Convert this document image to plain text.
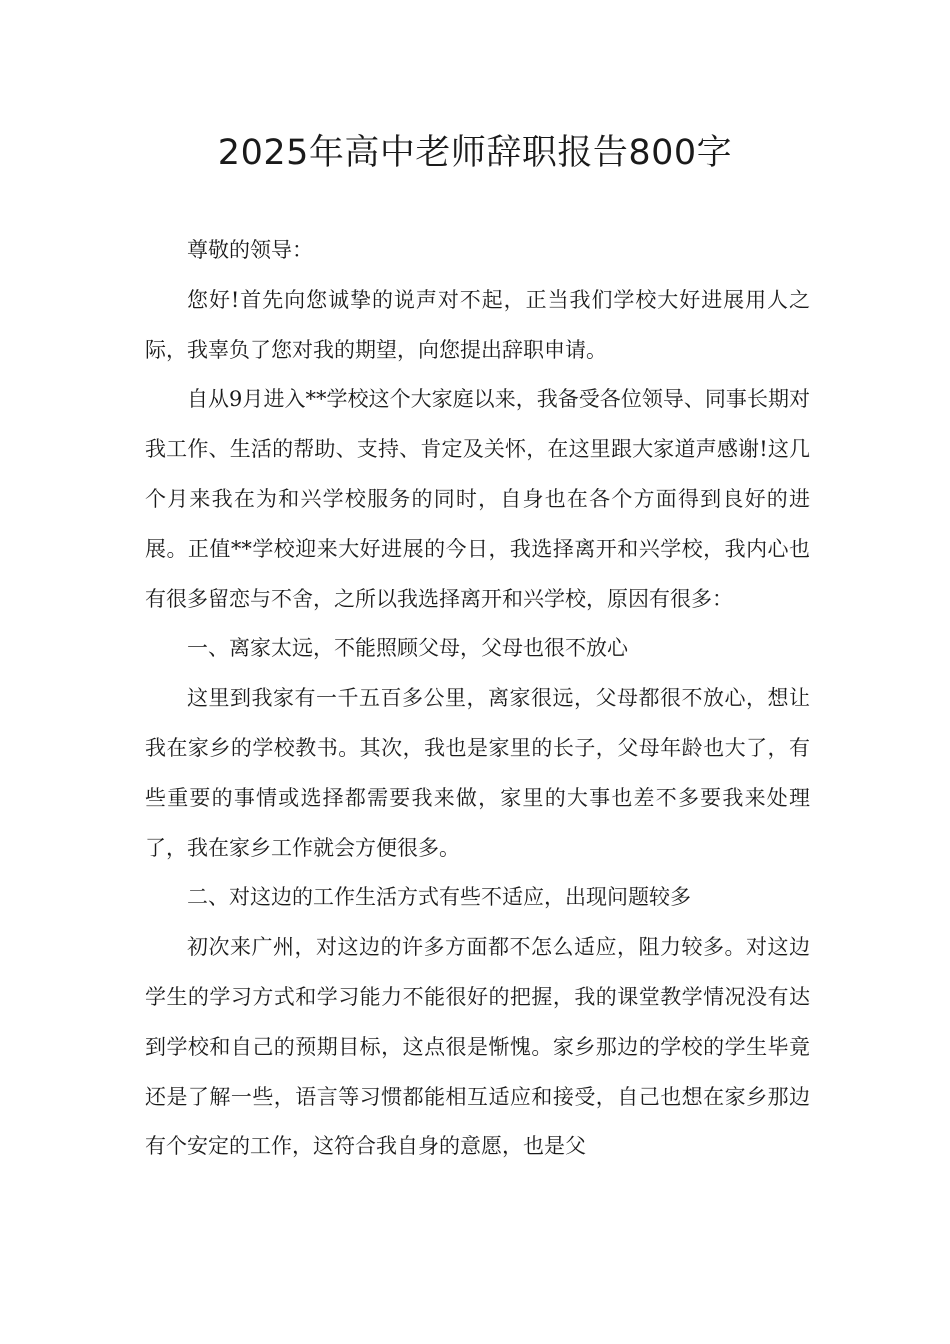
2025年高中老师辞职报告800字

尊敬的领导：

您好!首先向您诚挚的说声对不起，正当我们学校大好进展用人之际，我辜负了您对我的期望，向您提出辞职申请。

自从9月进入**学校这个大家庭以来，我备受各位领导、同事长期对我工作、生活的帮助、支持、肯定及关怀，在这里跟大家道声感谢!这几个月来我在为和兴学校服务的同时，自身也在各个方面得到良好的进展。正值**学校迎来大好进展的今日，我选择离开和兴学校，我内心也有很多留恋与不舍，之所以我选择离开和兴学校，原因有很多：

一、离家太远，不能照顾父母，父母也很不放心

这里到我家有一千五百多公里，离家很远，父母都很不放心，想让我在家乡的学校教书。其次，我也是家里的长子，父母年龄也大了，有些重要的事情或选择都需要我来做，家里的大事也差不多要我来处理了，我在家乡工作就会方便很多。

二、对这边的工作生活方式有些不适应，出现问题较多

初次来广州，对这边的许多方面都不怎么适应，阻力较多。对这边学生的学习方式和学习能力不能很好的把握，我的课堂教学情况没有达到学校和自己的预期目标，这点很是惭愧。家乡那边的学校的学生毕竟还是了解一些，语言等习惯都能相互适应和接受，自己也想在家乡那边有个安定的工作，这符合我自身的意愿，也是父
